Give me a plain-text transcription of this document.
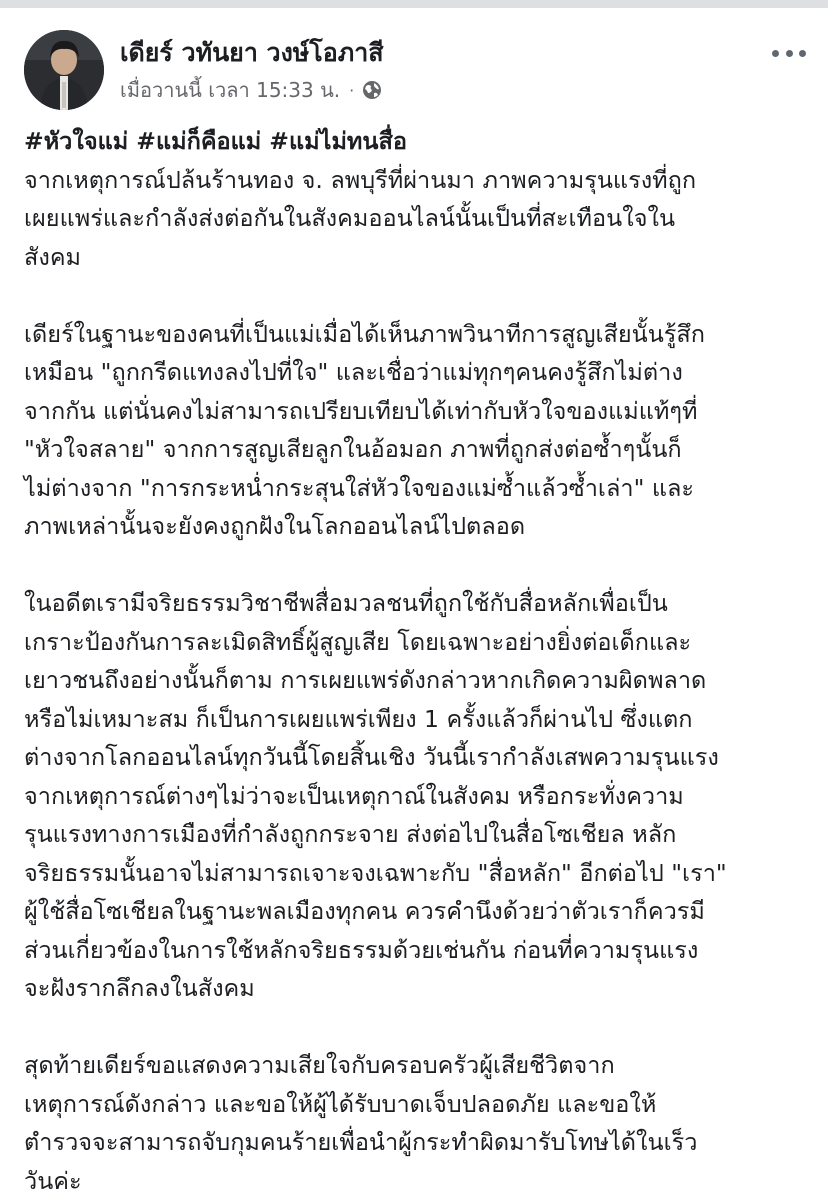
เดียร์ วทันยา วงษ์โอภาสี
เมื่อวานนี้ เวลา 15:33 น. ·
#หัวใจแม่ #แม่ก็คือแม่ #แม่ไม่ทนสื่อ
จากเหตุการณ์ปล้นร้านทอง จ. ลพบุรีที่ผ่านมา ภาพความรุนแรงที่ถูก
เผยแพร่และกำลังส่งต่อกันในสังคมออนไลน์นั้นเป็นที่สะเทือนใจใน
สังคม
เดียร์ในฐานะของคนที่เป็นแม่เมื่อได้เห็นภาพวินาทีการสูญเสียนั้นรู้สึก
เหมือน "ถูกกรีดแทงลงไปที่ใจ" และเชื่อว่าแม่ทุกๆคนคงรู้สึกไม่ต่าง
จากกัน แต่นั่นคงไม่สามารถเปรียบเทียบได้เท่ากับหัวใจของแม่แท้ๆที่
"หัวใจสลาย" จากการสูญเสียลูกในอ้อมอก ภาพที่ถูกส่งต่อซ้ำๆนั้นก็
ไม่ต่างจาก "การกระหน่ำกระสุนใส่หัวใจของแม่ซ้ำแล้วซ้ำเล่า" และ
ภาพเหล่านั้นจะยังคงถูกฝังในโลกออนไลน์ไปตลอด
ในอดีตเรามีจริยธรรมวิชาชีพสื่อมวลชนที่ถูกใช้กับสื่อหลักเพื่อเป็น
เกราะป้องกันการละเมิดสิทธิ์ผู้สูญเสีย โดยเฉพาะอย่างยิ่งต่อเด็กและ
เยาวชนถึงอย่างนั้นก็ตาม การเผยแพร่ดังกล่าวหากเกิดความผิดพลาด
หรือไม่เหมาะสม ก็เป็นการเผยแพร่เพียง 1 ครั้งแล้วก็ผ่านไป ซึ่งแตก
ต่างจากโลกออนไลน์ทุกวันนี้โดยสิ้นเชิง วันนี้เรากำลังเสพความรุนแรง
จากเหตุการณ์ต่างๆไม่ว่าจะเป็นเหตุกาณ์ในสังคม หรือกระทั่งความ
รุนแรงทางการเมืองที่กำลังถูกกระจาย ส่งต่อไปในสื่อโซเชียล หลัก
จริยธรรมนั้นอาจไม่สามารถเจาะจงเฉพาะกับ "สื่อหลัก" อีกต่อไป "เรา"
ผู้ใช้สื่อโซเชียลในฐานะพลเมืองทุกคน ควรคำนึงด้วยว่าตัวเราก็ควรมี
ส่วนเกี่ยวข้องในการใช้หลักจริยธรรมด้วยเช่นกัน ก่อนที่ความรุนแรง
จะฝังรากลึกลงในสังคม
สุดท้ายเดียร์ขอแสดงความเสียใจกับครอบครัวผู้เสียชีวิตจาก
เหตุการณ์ดังกล่าว และขอให้ผู้ได้รับบาดเจ็บปลอดภัย และขอให้
ตำรวจจะสามารถจับกุมคนร้ายเพื่อนำผู้กระทำผิดมารับโทษได้ในเร็ว
วันค่ะ
